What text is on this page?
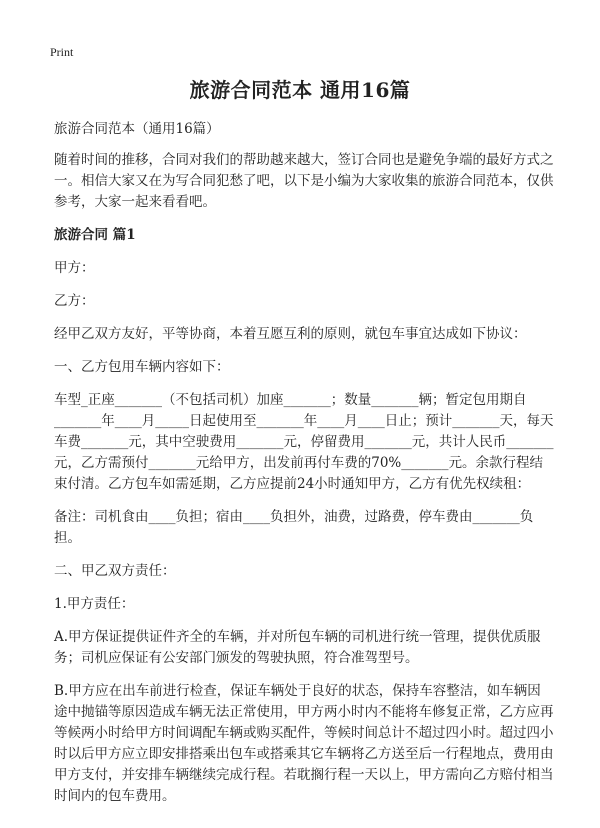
Print
旅游合同范本 通用16篇

旅游合同范本（通用16篇）

随着时间的推移，合同对我们的帮助越来越大，签订合同也是避免争端的最好方式之一。相信大家又在为写合同犯愁了吧，以下是小编为大家收集的旅游合同范本，仅供参考，大家一起来看看吧。

旅游合同 篇1

甲方：

乙方：

经甲乙双方友好，平等协商，本着互愿互利的原则，就包车事宜达成如下协议：

一、乙方包用车辆内容如下：

车型_正座_______（不包括司机）加座_______；数量_______辆；暂定包用期自_______年____月_____日起使用至_______年____月____日止；预计_______天，每天车费_______元，其中空驶费用_______元，停留费用_______元，共计人民币_______元，乙方需预付_______元给甲方，出发前再付车费的70%_______元。余款行程结束付清。乙方包车如需延期，乙方应提前24小时通知甲方，乙方有优先权续租：

备注：司机食由____负担；宿由____负担外，油费，过路费，停车费由_______负担。

二、甲乙双方责任：

1.甲方责任：

A.甲方保证提供证件齐全的车辆，并对所包车辆的司机进行统一管理，提供优质服务；司机应保证有公安部门颁发的驾驶执照，符合准驾型号。

B.甲方应在出车前进行检查，保证车辆处于良好的状态，保持车容整洁，如车辆因途中抛锚等原因造成车辆无法正常使用，甲方两小时内不能将车修复正常，乙方应再等候两小时给甲方时间调配车辆或购买配件，等候时间总计不超过四小时。超过四小时以后甲方应立即安排搭乘出包车或搭乘其它车辆将乙方送至后一行程地点，费用由甲方支付，并安排车辆继续完成行程。若耽搁行程一天以上，甲方需向乙方赔付相当时间内的包车费用。
